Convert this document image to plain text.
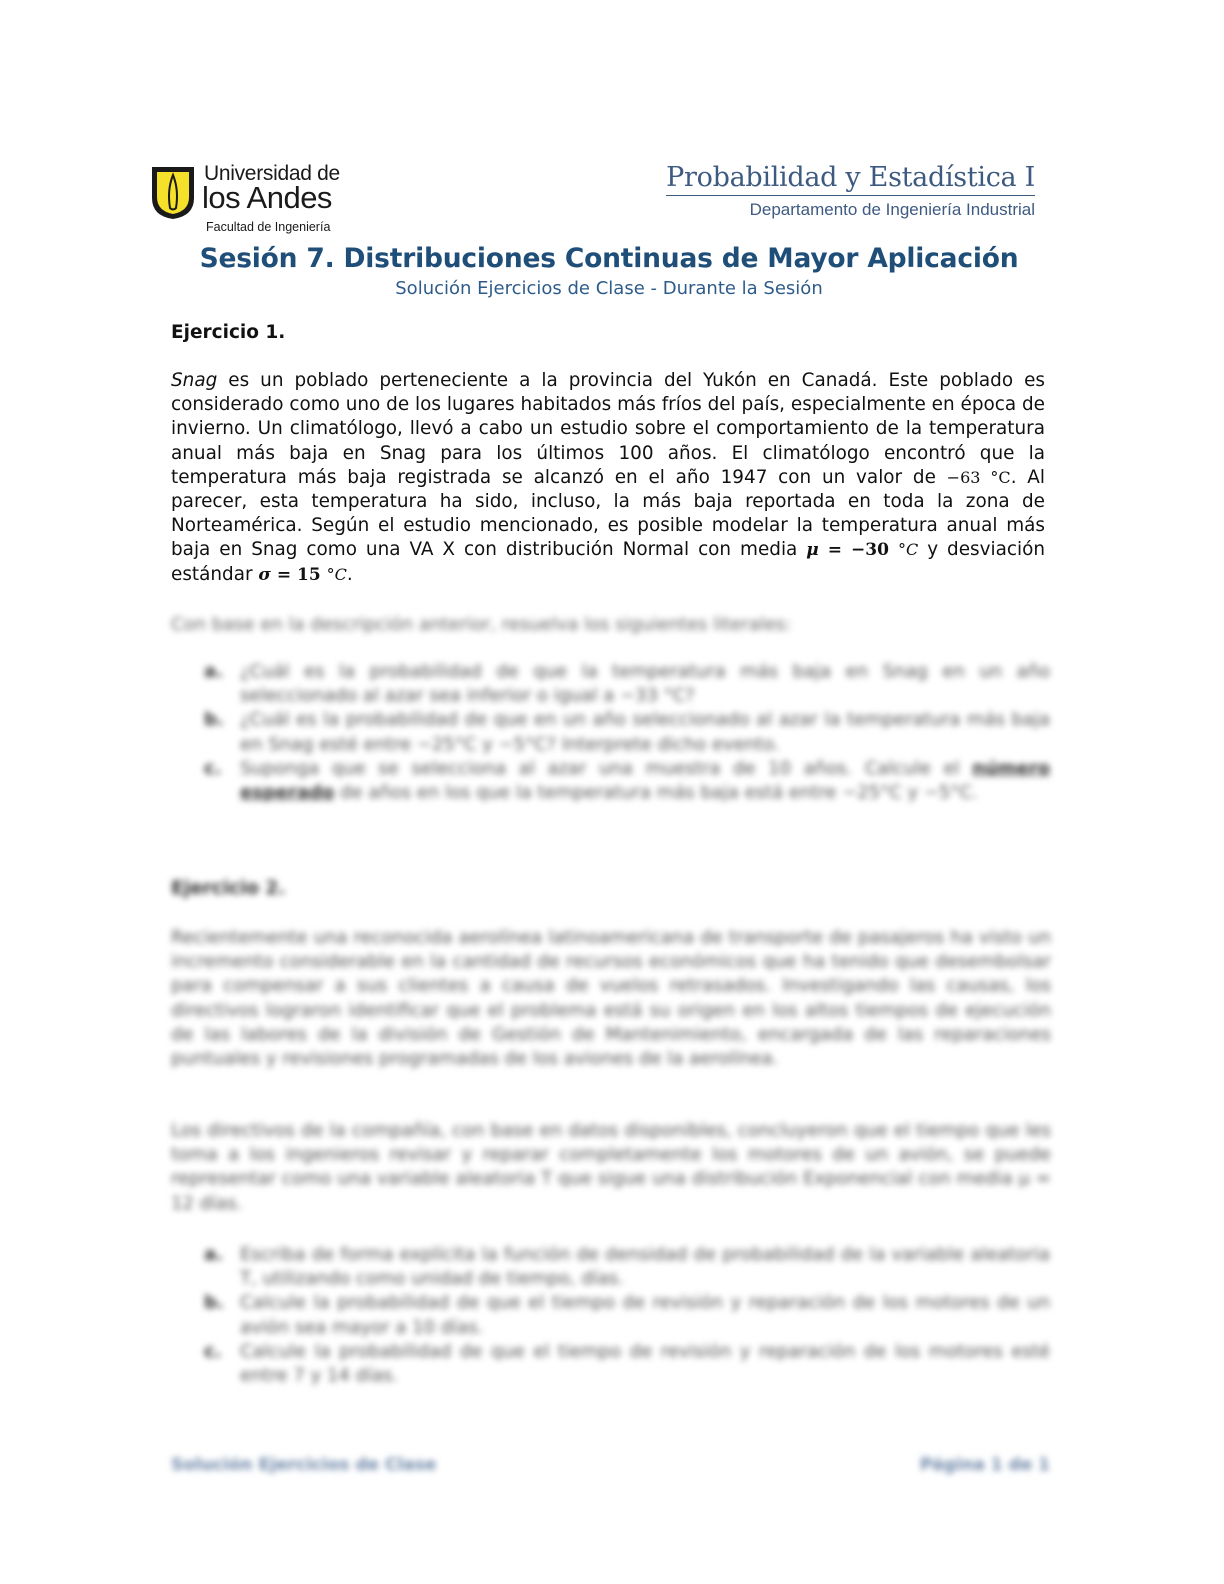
Universidad de
los Andes
Facultad de Ingeniería
Probabilidad y Estadística I
Departamento de Ingeniería Industrial
Sesión 7. Distribuciones Continuas de Mayor Aplicación
Solución Ejercicios de Clase - Durante la Sesión
Ejercicio 1.
Snag es un poblado perteneciente a la provincia del Yukón en Canadá. Este poblado es considerado como uno de los lugares habitados más fríos del país, especialmente en época de invierno. Un climatólogo, llevó a cabo un estudio sobre el comportamiento de la temperatura anual más baja en Snag para los últimos 100 años. El climatólogo encontró que la temperatura más baja registrada se alcanzó en el año 1947 con un valor de −63 °C. Al parecer, esta temperatura ha sido, incluso, la más baja reportada en toda la zona de Norteamérica. Según el estudio mencionado, es posible modelar la temperatura anual más baja en Snag como una VA X con distribución Normal con media μ = −30 °C y desviación estándar σ = 15 °C.
Con base en la descripción anterior, resuelva los siguientes literales:
a. ¿Cuál es la probabilidad de que la temperatura más baja en Snag en un año seleccionado al azar sea inferior o igual a −33 °C?
b. ¿Cuál es la probabilidad de que en un año seleccionado al azar la temperatura más baja en Snag esté entre −25°C y −5°C? Interprete dicho evento.
c. Suponga que se selecciona al azar una muestra de 10 años. Calcule el número esperado de años en los que la temperatura más baja está entre −25°C y −5°C.
Ejercicio 2.
Recientemente una reconocida aerolínea latinoamericana de transporte de pasajeros ha visto un incremento considerable en la cantidad de recursos económicos que ha tenido que desembolsar para compensar a sus clientes a causa de vuelos retrasados. Investigando las causas, los directivos lograron identificar que el problema está su origen en los altos tiempos de ejecución de las labores de la división de Gestión de Mantenimiento, encargada de las reparaciones puntuales y revisiones programadas de los aviones de la aerolínea.
Los directivos de la compañía, con base en datos disponibles, concluyeron que el tiempo que les toma a los ingenieros revisar y reparar completamente los motores de un avión, se puede representar como una variable aleatoria T que sigue una distribución Exponencial con media μ = 12 días.
a. Escriba de forma explícita la función de densidad de probabilidad de la variable aleatoria T, utilizando como unidad de tiempo, días.
b. Calcule la probabilidad de que el tiempo de revisión y reparación de los motores de un avión sea mayor a 10 días.
c. Calcule la probabilidad de que el tiempo de revisión y reparación de los motores esté entre 7 y 14 días.
Solución Ejercicios de Clase	Página 1 de 1
